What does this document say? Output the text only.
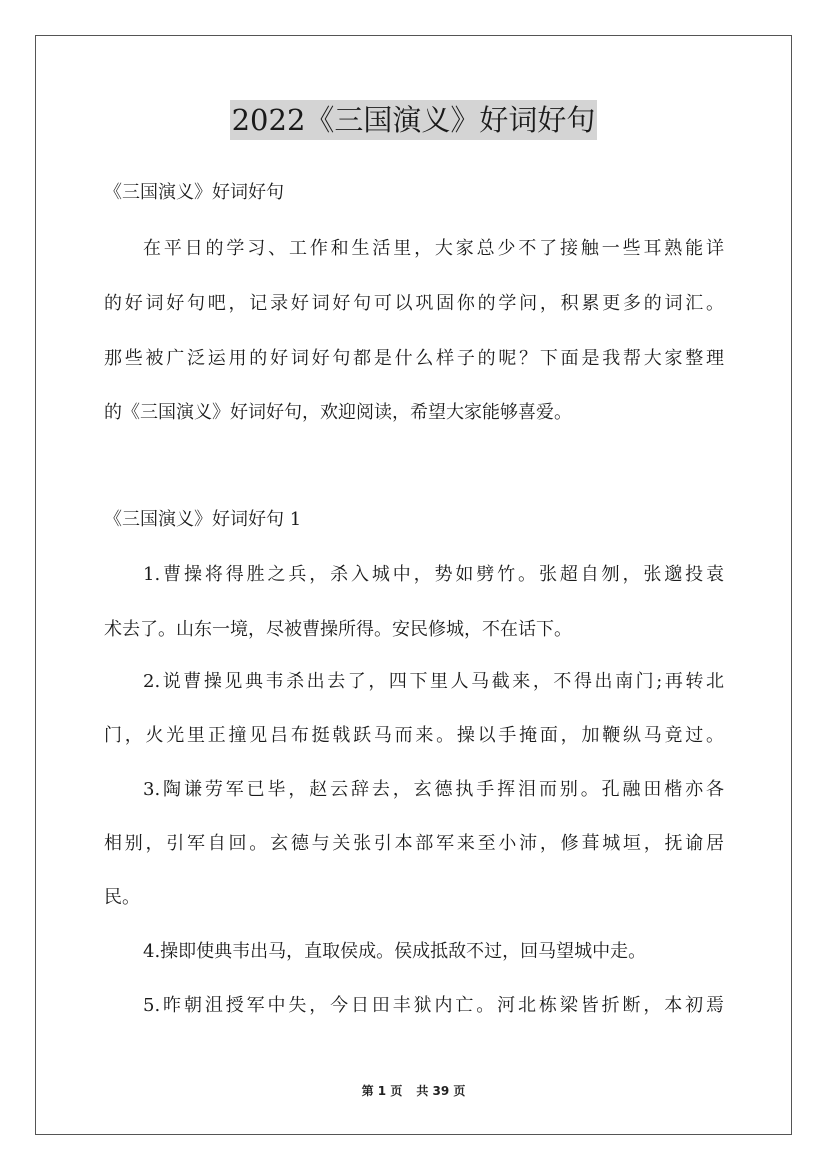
2022《三国演义》好词好句

《三国演义》好词好句

在平日的学习、工作和生活里，大家总少不了接触一些耳熟能详

的好词好句吧，记录好词好句可以巩固你的学问，积累更多的词汇。

那些被广泛运用的好词好句都是什么样子的呢？下面是我帮大家整理

的《三国演义》好词好句，欢迎阅读，希望大家能够喜爱。

《三国演义》好词好句 1

1.曹操将得胜之兵，杀入城中，势如劈竹。张超自刎，张邈投袁

术去了。山东一境，尽被曹操所得。安民修城，不在话下。

2.说曹操见典韦杀出去了，四下里人马截来，不得出南门;再转北

门，火光里正撞见吕布挺戟跃马而来。操以手掩面，加鞭纵马竟过。

3.陶谦劳军已毕，赵云辞去，玄德执手挥泪而别。孔融田楷亦各

相别，引军自回。玄德与关张引本部军来至小沛，修葺城垣，抚谕居

民。

4.操即使典韦出马，直取侯成。侯成抵敌不过，回马望城中走。

5.昨朝沮授军中失，今日田丰狱内亡。河北栋梁皆折断，本初焉

第 1 页 共 39 页
